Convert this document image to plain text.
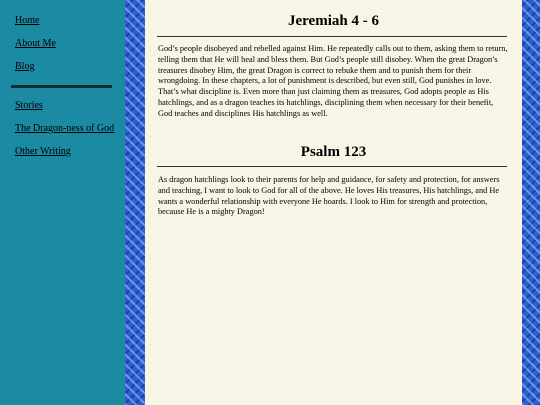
Home
About Me
Blog
Stories
The Dragon-ness of God
Other Writing
Jeremiah 4 - 6

God’s people disobeyed and rebelled against Him. He repeatedly calls out to them, asking them to return, telling them that He will heal and bless them. But God’s people still disobey. When the great Dragon’s treasures disobey Him, the great Dragon is correct to rebuke them and to punish them for their wrongdoing. In these chapters, a lot of punishment is described, but even still, God punishes in love. That’s what discipline is. Even more than just claiming them as treasures, God adopts people as His hatchlings, and as a dragon teaches its hatchlings, disciplining them when necessary for their benefit, God teaches and disciplines His hatchlings as well.

Psalm 123

As dragon hatchlings look to their parents for help and guidance, for safety and protection, for answers and teaching, I want to look to God for all of the above. He loves His treasures, His hatchlings, and He wants a wonderful relationship with everyone He hoards. I look to Him for strength and protection, because He is a mighty Dragon!
